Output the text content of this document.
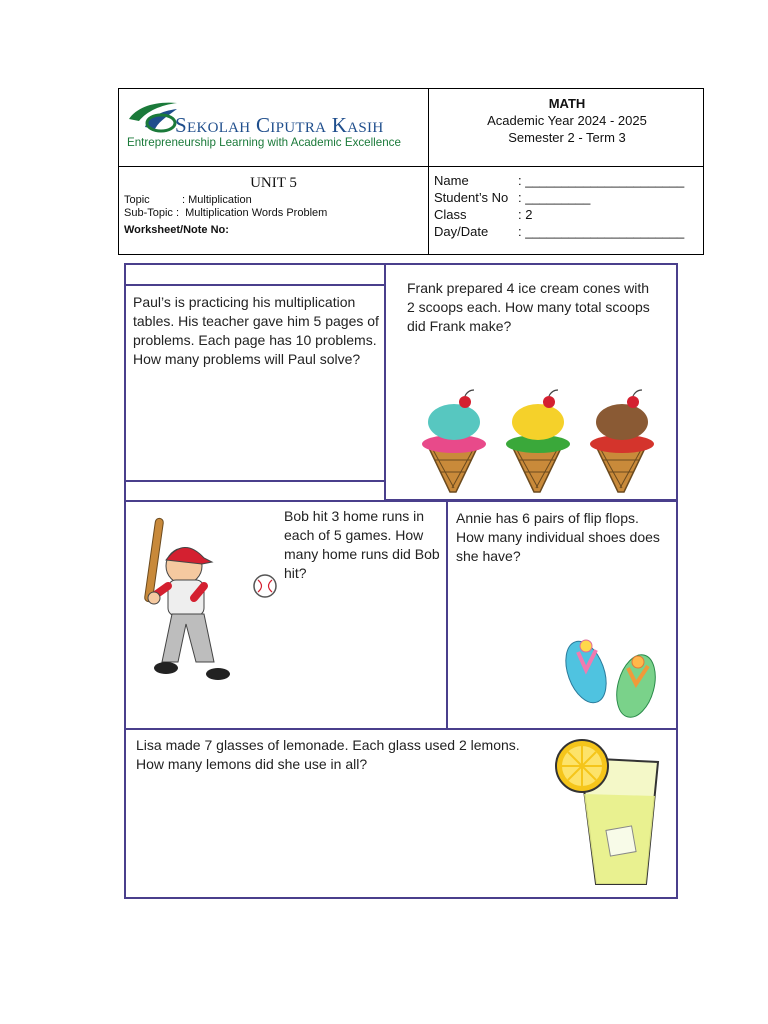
Sekolah Ciputra Kasih
Entrepreneurship Learning with Academic Excellence
MATH
Academic Year 2024 - 2025
Semester 2 - Term 3
UNIT 5
Topic	: Multiplication
Sub-Topic : Multiplication Words Problem
Worksheet/Note No:
Name	: ______________________
Student’s No : _________
Class	: 2
Day/Date : ______________________
Paul’s is practicing his multiplication tables. His teacher gave him 5 pages of problems. Each page has 10 problems. How many problems will Paul solve?
Frank prepared 4 ice cream cones with 2 scoops each. How many total scoops did Frank make?
Bob hit 3 home runs in each of 5 games. How many home runs did Bob hit?
Annie has 6 pairs of flip flops. How many individual shoes does she have?
Lisa made 7 glasses of lemonade. Each glass used 2 lemons. How many lemons did she use in all?
